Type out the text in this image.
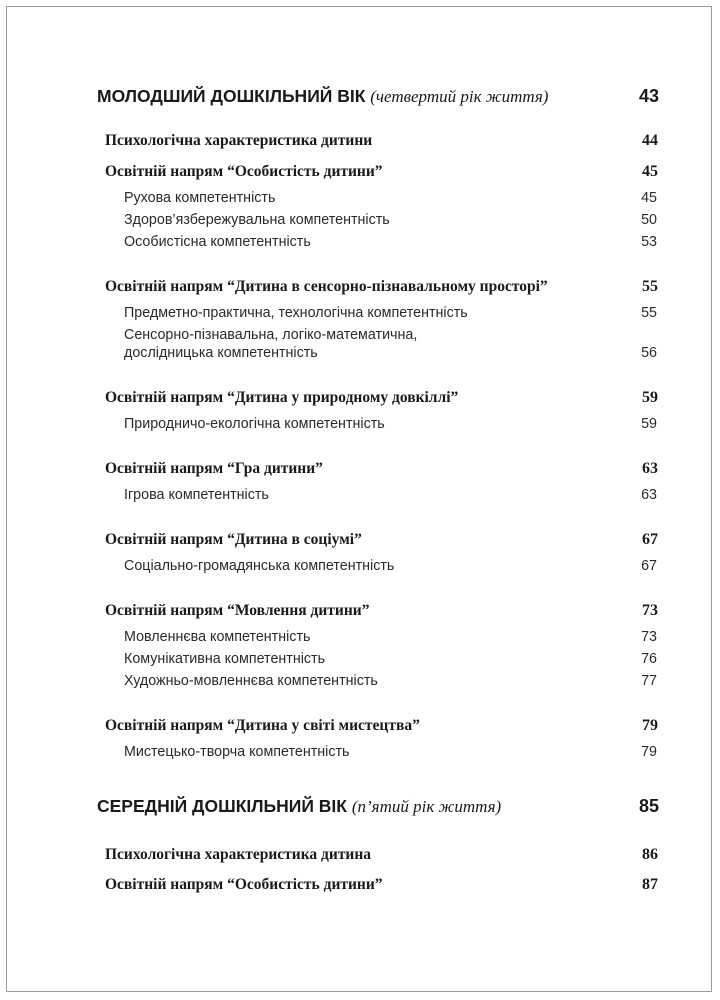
МОЛОДШИЙ ДОШКІЛЬНИЙ ВІК (четвертий рік життя)	43
Психологічна характеристика дитини	44
Освітній напрям “Особистість дитини”	45
Рухова компетентність	45
Здоров’язбережувальна компетентність	50
Особистісна компетентність	53
Освітній напрям “Дитина в сенсорно-пізнавальному просторі”	55
Предметно-практична, технологічна компетентність	55
Сенсорно-пізнавальна, логіко-математична,
дослідницька компетентність	56
Освітній напрям “Дитина у природному довкіллі”	59
Природничо-екологічна компетентність	59
Освітній напрям “Гра дитини”	63
Ігрова компетентність	63
Освітній напрям “Дитина в соціумі”	67
Соціально-громадянська компетентність	67
Освітній напрям “Мовлення дитини”	73
Мовленнєва компетентність	73
Комунікативна компетентність	76
Художньо-мовленнєва компетентність	77
Освітній напрям “Дитина у світі мистецтва”	79
Мистецько-творча компетентність	79
СЕРЕДНІЙ ДОШКІЛЬНИЙ ВІК (п’ятий рік життя)	85
Психологічна характеристика дитина	86
Освітній напрям “Особистість дитини”	87
